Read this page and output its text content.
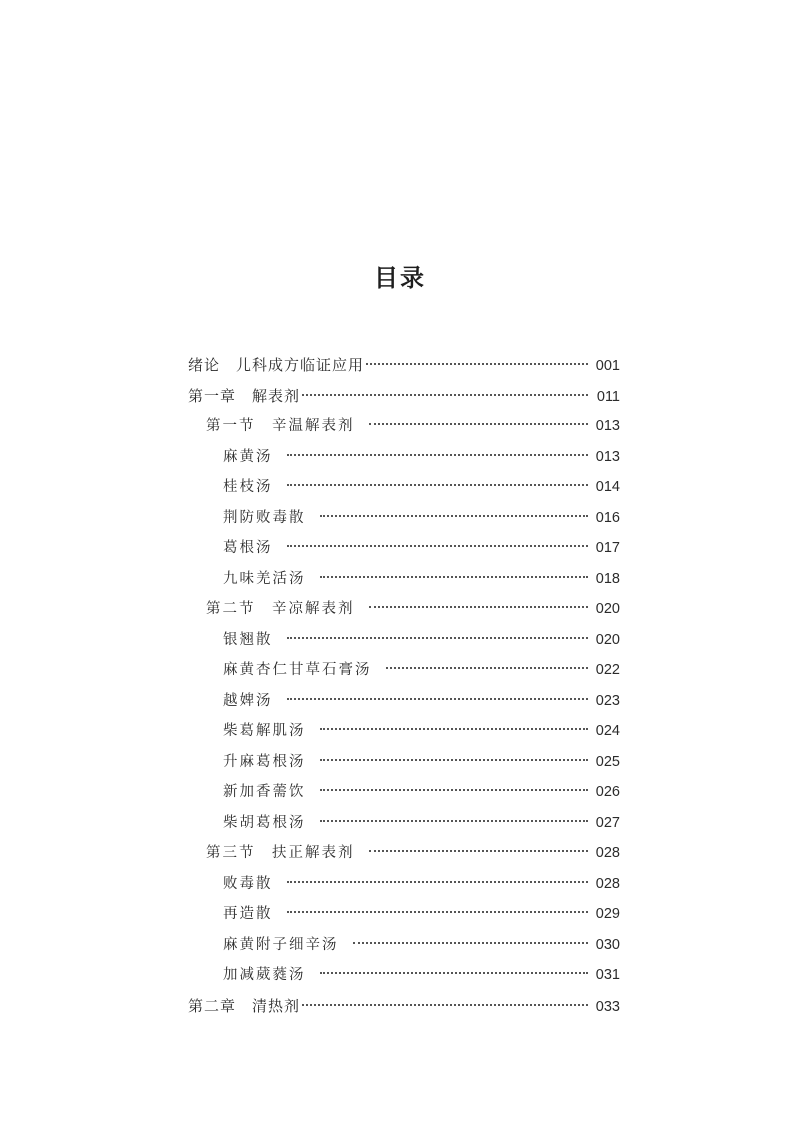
目录
绪论　儿科成方临证应用	001
第一章　解表剂	011
第一节　辛温解表剂	013
麻黄汤	013
桂枝汤	014
荆防败毒散	016
葛根汤	017
九味羌活汤	018
第二节　辛凉解表剂	020
银翘散	020
麻黄杏仁甘草石膏汤	022
越婢汤	023
柴葛解肌汤	024
升麻葛根汤	025
新加香薷饮	026
柴胡葛根汤	027
第三节　扶正解表剂	028
败毒散	028
再造散	029
麻黄附子细辛汤	030
加减葳蕤汤	031
第二章　清热剂	033
